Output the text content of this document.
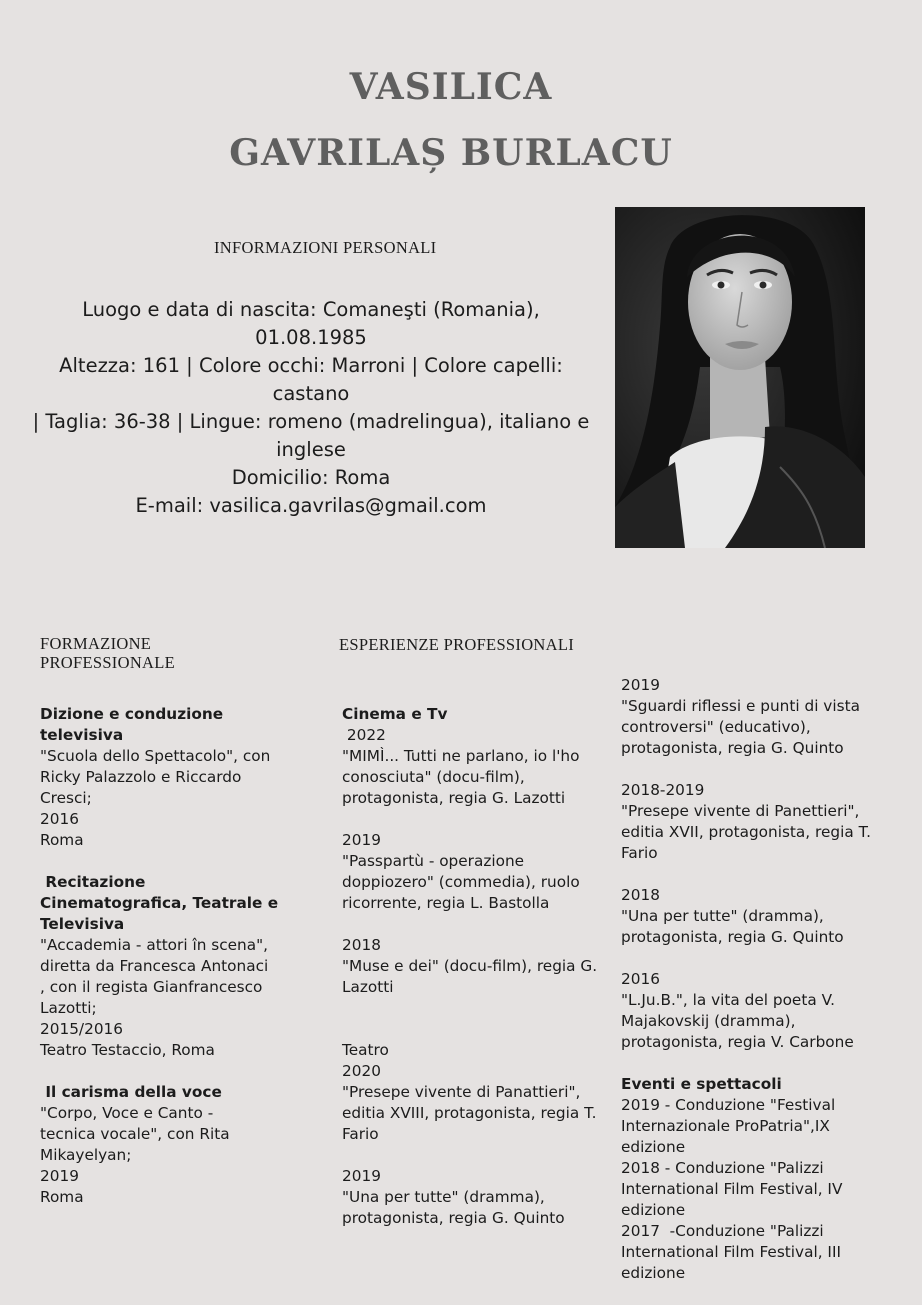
VASILICA
GAVRILAȘ BURLACU
INFORMAZIONI PERSONALI
Luogo e data di nascita: Comaneşti (Romania), 01.08.1985
Altezza: 161 | Colore occhi: Marroni | Colore capelli: castano
| Taglia: 36-38 | Lingue: romeno (madrelingua), italiano e
inglese
Domicilio: Roma
E-mail: vasilica.gavrilas@gmail.com
FORMAZIONE
PROFESSIONALE
Dizione e conduzione
televisiva
"Scuola dello Spettacolo", con
Ricky Palazzolo e Riccardo
Cresci;
2016
Roma
Recitazione
Cinematografica, Teatrale e
Televisiva
"Accademia - attori în scena",
diretta da Francesca Antonaci
, con il regista Gianfrancesco
Lazotti;
2015/2016
Teatro Testaccio, Roma
Il carisma della voce
"Corpo, Voce e Canto -
tecnica vocale", con Rita
Mikayelyan;
2019
Roma
ESPERIENZE PROFESSIONALI
Cinema e Tv
2022
"MIMÌ... Tutti ne parlano, io l'ho
conosciuta" (docu-film),
protagonista, regia G. Lazotti
2019
"Passpartù - operazione
doppiozero" (commedia), ruolo
ricorrente, regia L. Bastolla
2018
"Muse e dei" (docu-film), regia G.
Lazotti
Teatro
2020
"Presepe vivente di Panattieri",
editia XVIII, protagonista, regia T.
Fario
2019
"Una per tutte" (dramma),
protagonista, regia G. Quinto
2019
"Sguardi riflessi e punti di vista
controversi" (educativo),
protagonista, regia G. Quinto
2018-2019
"Presepe vivente di Panettieri",
editia XVII, protagonista, regia T.
Fario
2018
"Una per tutte" (dramma),
protagonista, regia G. Quinto
2016
"L.Ju.B.", la vita del poeta V.
Majakovskij (dramma),
protagonista, regia V. Carbone
Eventi e spettacoli
2019 - Conduzione "Festival
Internazionale ProPatria",IX
edizione
2018 - Conduzione "Palizzi
International Film Festival, IV
edizione
2017  -Conduzione "Palizzi
International Film Festival, III
edizione
